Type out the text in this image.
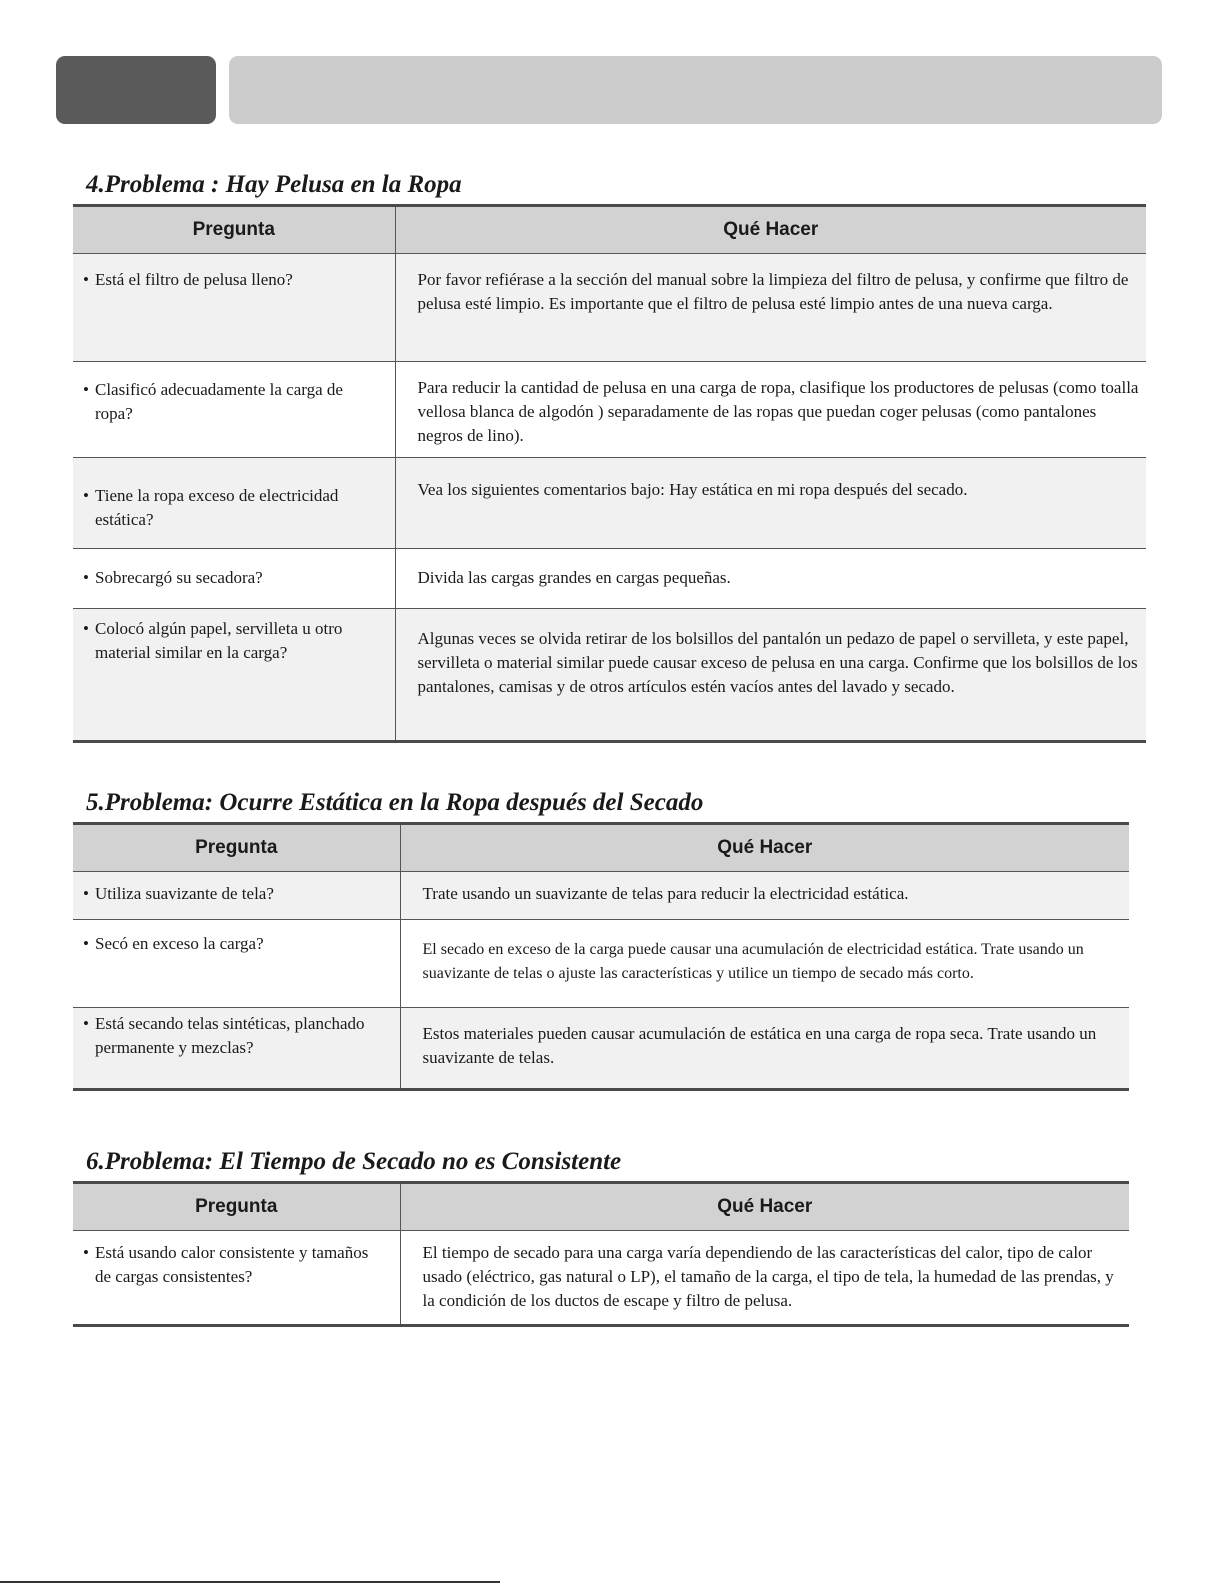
4.Problema : Hay Pelusa en la Ropa
Pregunta	Qué Hacer
• Está el filtro de pelusa lleno?	Por favor refiérase a la sección del manual sobre la limpieza del filtro de pelusa, y confirme que filtro de pelusa esté limpio. Es importante que el filtro de pelusa esté limpio antes de una nueva carga.
• Clasificó adecuadamente la carga de ropa?	Para reducir la cantidad de pelusa en una carga de ropa, clasifique los productores de pelusas (como toalla vellosa blanca de algodón ) separadamente de las ropas que puedan coger pelusas (como pantalones negros de lino).
• Tiene la ropa exceso de electricidad estática?	Vea los siguientes comentarios bajo: Hay estática en mi ropa después del secado.
• Sobrecargó su secadora?	Divida las cargas grandes en cargas pequeñas.
• Colocó algún papel, servilleta u otro material similar en la carga?	Algunas veces se olvida retirar de los bolsillos del pantalón un pedazo de papel o servilleta, y este papel, servilleta o material similar puede causar exceso de pelusa en una carga. Confirme que los bolsillos de los pantalones, camisas y de otros artículos estén vacíos antes del lavado y secado.
5.Problema: Ocurre Estática en la Ropa después del Secado
Pregunta	Qué Hacer
• Utiliza suavizante de tela?	Trate usando un suavizante de telas para reducir la electricidad estática.
• Secó en exceso la carga?	El secado en exceso de la carga puede causar una acumulación de electricidad estática. Trate usando un suavizante de telas o ajuste las características y utilice un tiempo de secado más corto.
• Está secando telas sintéticas, planchado permanente y mezclas?	Estos materiales pueden causar acumulación de estática en una carga de ropa seca. Trate usando un suavizante de telas.
6.Problema: El Tiempo de Secado no es Consistente
Pregunta	Qué Hacer
• Está usando calor consistente y tamaños de cargas consistentes?	El tiempo de secado para una carga varía dependiendo de las características del calor, tipo de calor usado (eléctrico, gas natural o LP), el tamaño de la carga, el tipo de tela, la humedad de las prendas, y la condición de los ductos de escape y filtro de pelusa.
